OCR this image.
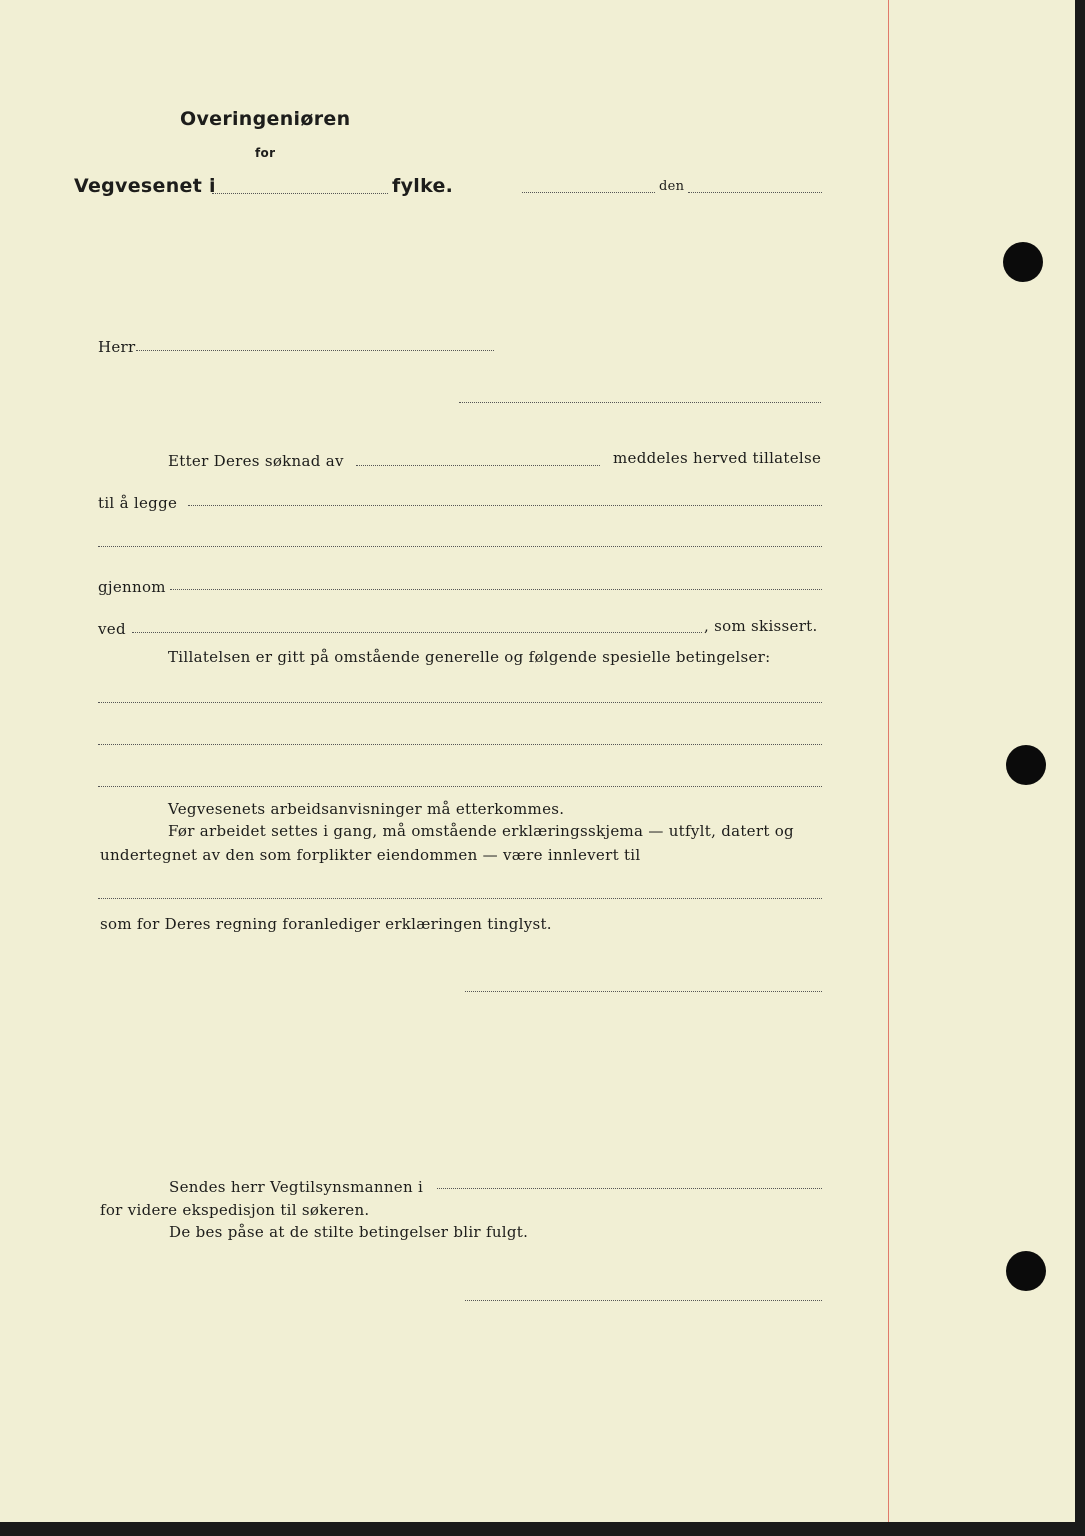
Overingeniøren
for
Vegvesenet i	fylke.	den
Herr
Etter Deres søknad av	meddeles herved tillatelse
til å legge
gjennom
ved	, som skissert.
Tillatelsen er gitt på omstående generelle og følgende spesielle betingelser:
Vegvesenets arbeidsanvisninger må etterkommes.
Før arbeidet settes i gang, må omstående erklæringsskjema — utfylt, datert og
undertegnet av den som forplikter eiendommen — være innlevert til
som for Deres regning foranlediger erklæringen tinglyst.
Sendes herr Vegtilsynsmannen i
for videre ekspedisjon til søkeren.
De bes påse at de stilte betingelser blir fulgt.
